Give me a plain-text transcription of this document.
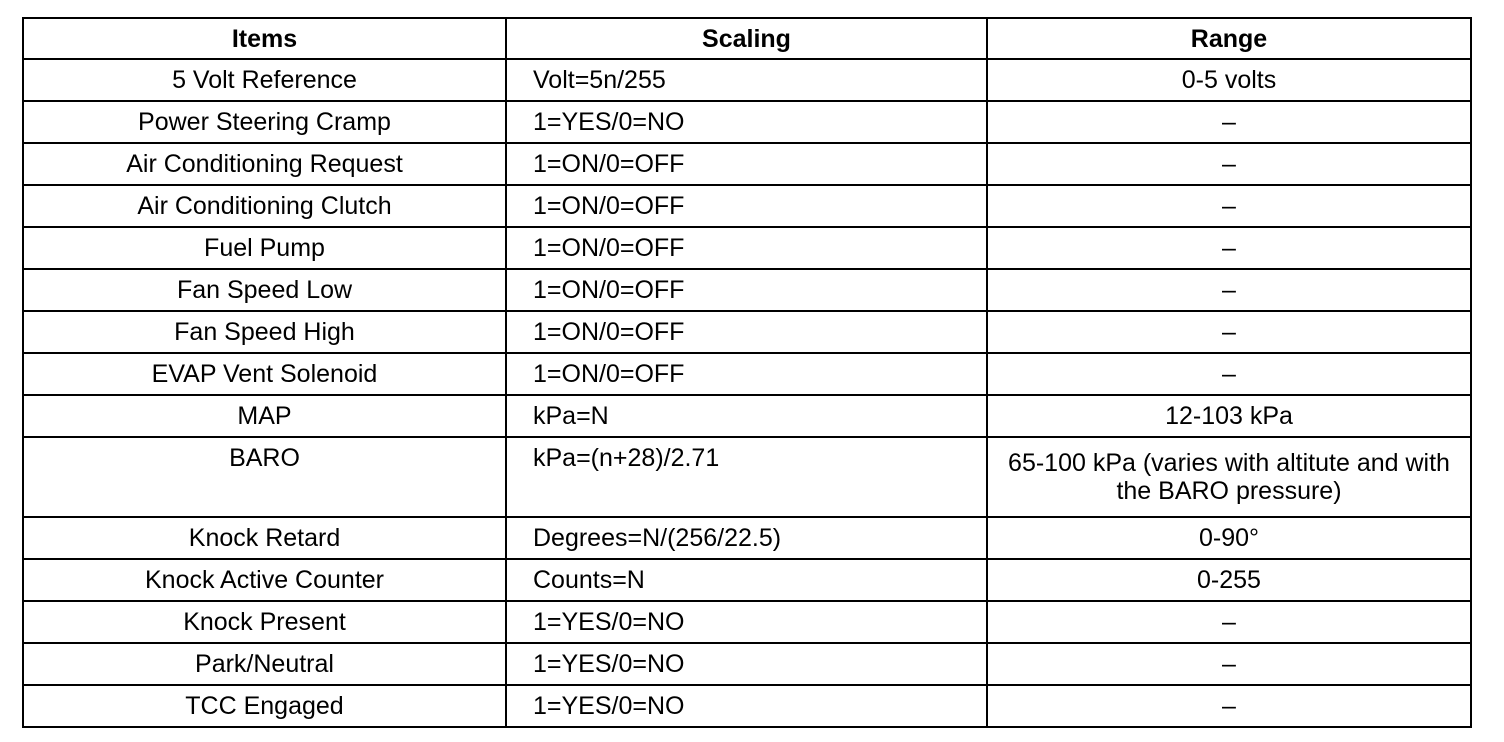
Items	Scaling	Range
5 Volt Reference	Volt=5n/255	0-5 volts
Power Steering Cramp	1=YES/0=NO	–
Air Conditioning Request	1=ON/0=OFF	–
Air Conditioning Clutch	1=ON/0=OFF	–
Fuel Pump	1=ON/0=OFF	–
Fan Speed Low	1=ON/0=OFF	–
Fan Speed High	1=ON/0=OFF	–
EVAP Vent Solenoid	1=ON/0=OFF	–
MAP	kPa=N	12-103 kPa
BARO	kPa=(n+28)/2.71	65-100 kPa (varies with altitute and with the BARO pressure)
Knock Retard	Degrees=N/(256/22.5)	0-90°
Knock Active Counter	Counts=N	0-255
Knock Present	1=YES/0=NO	–
Park/Neutral	1=YES/0=NO	–
TCC Engaged	1=YES/0=NO	–
